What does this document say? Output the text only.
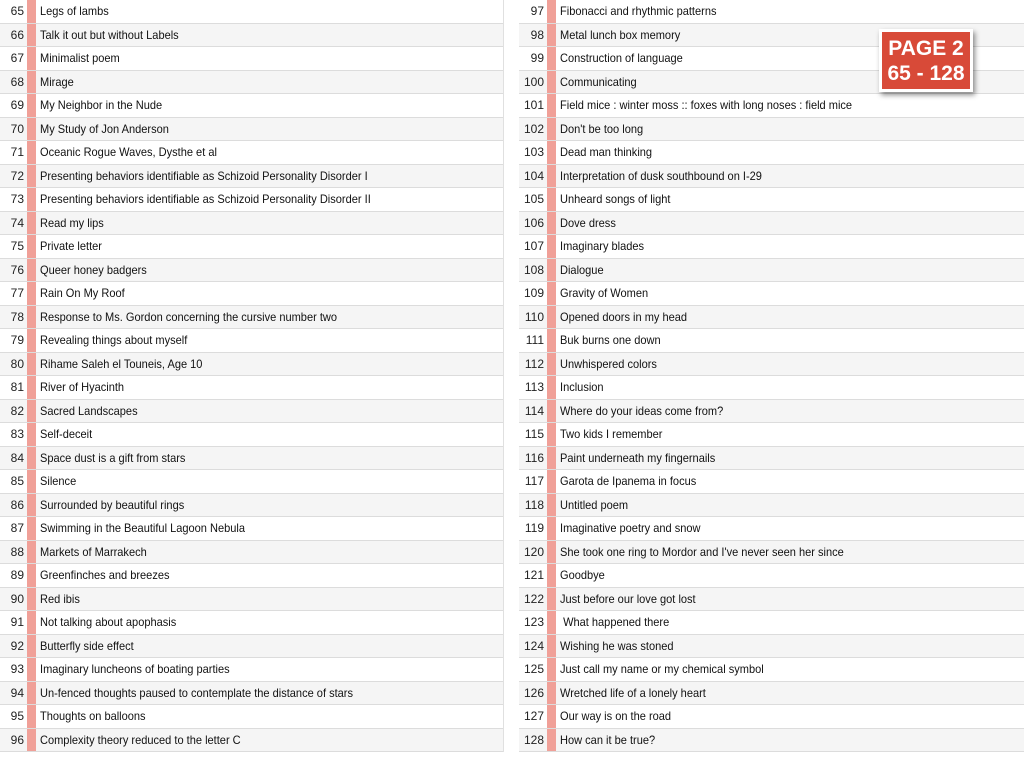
65 Legs of lambs
66 Talk it out but without Labels
67 Minimalist poem
68 Mirage
69 My Neighbor in the Nude
70 My Study of Jon Anderson
71 Oceanic Rogue Waves, Dysthe et al
72 Presenting behaviors identifiable as Schizoid Personality Disorder I
73 Presenting behaviors identifiable as Schizoid Personality Disorder II
74 Read my lips
75 Private letter
76 Queer honey badgers
77 Rain On My Roof
78 Response to Ms. Gordon concerning the cursive number two
79 Revealing things about myself
80 Rihame Saleh el Touneis, Age 10
81 River of Hyacinth
82 Sacred Landscapes
83 Self-deceit
84 Space dust is a gift from stars
85 Silence
86 Surrounded by beautiful rings
87 Swimming in the Beautiful Lagoon Nebula
88 Markets of Marrakech
89 Greenfinches and breezes
90 Red ibis
91 Not talking about apophasis
92 Butterfly side effect
93 Imaginary luncheons of boating parties
94 Un-fenced thoughts paused to contemplate the distance of stars
95 Thoughts on balloons
96 Complexity theory reduced to the letter C
97 Fibonacci and rhythmic patterns
98 Metal lunch box memory
99 Construction of language
100 Communicating
101 Field mice : winter moss :: foxes with long noses : field mice
102 Don't be too long
103 Dead man thinking
104 Interpretation of dusk southbound on I-29
105 Unheard songs of light
106 Dove dress
107 Imaginary blades
108 Dialogue
109 Gravity of Women
110 Opened doors in my head
111 Buk burns one down
112 Unwhispered colors
113 Inclusion
114 Where do your ideas come from?
115 Two kids I remember
116 Paint underneath my fingernails
117 Garota de Ipanema in focus
118 Untitled poem
119 Imaginative poetry and snow
120 She took one ring to Mordor and I've never seen her since
121 Goodbye
122 Just before our love got lost
123 What happened there
124 Wishing he was stoned
125 Just call my name or my chemical symbol
126 Wretched life of a lonely heart
127 Our way is on the road
128 How can it be true?
PAGE 2
65 - 128
